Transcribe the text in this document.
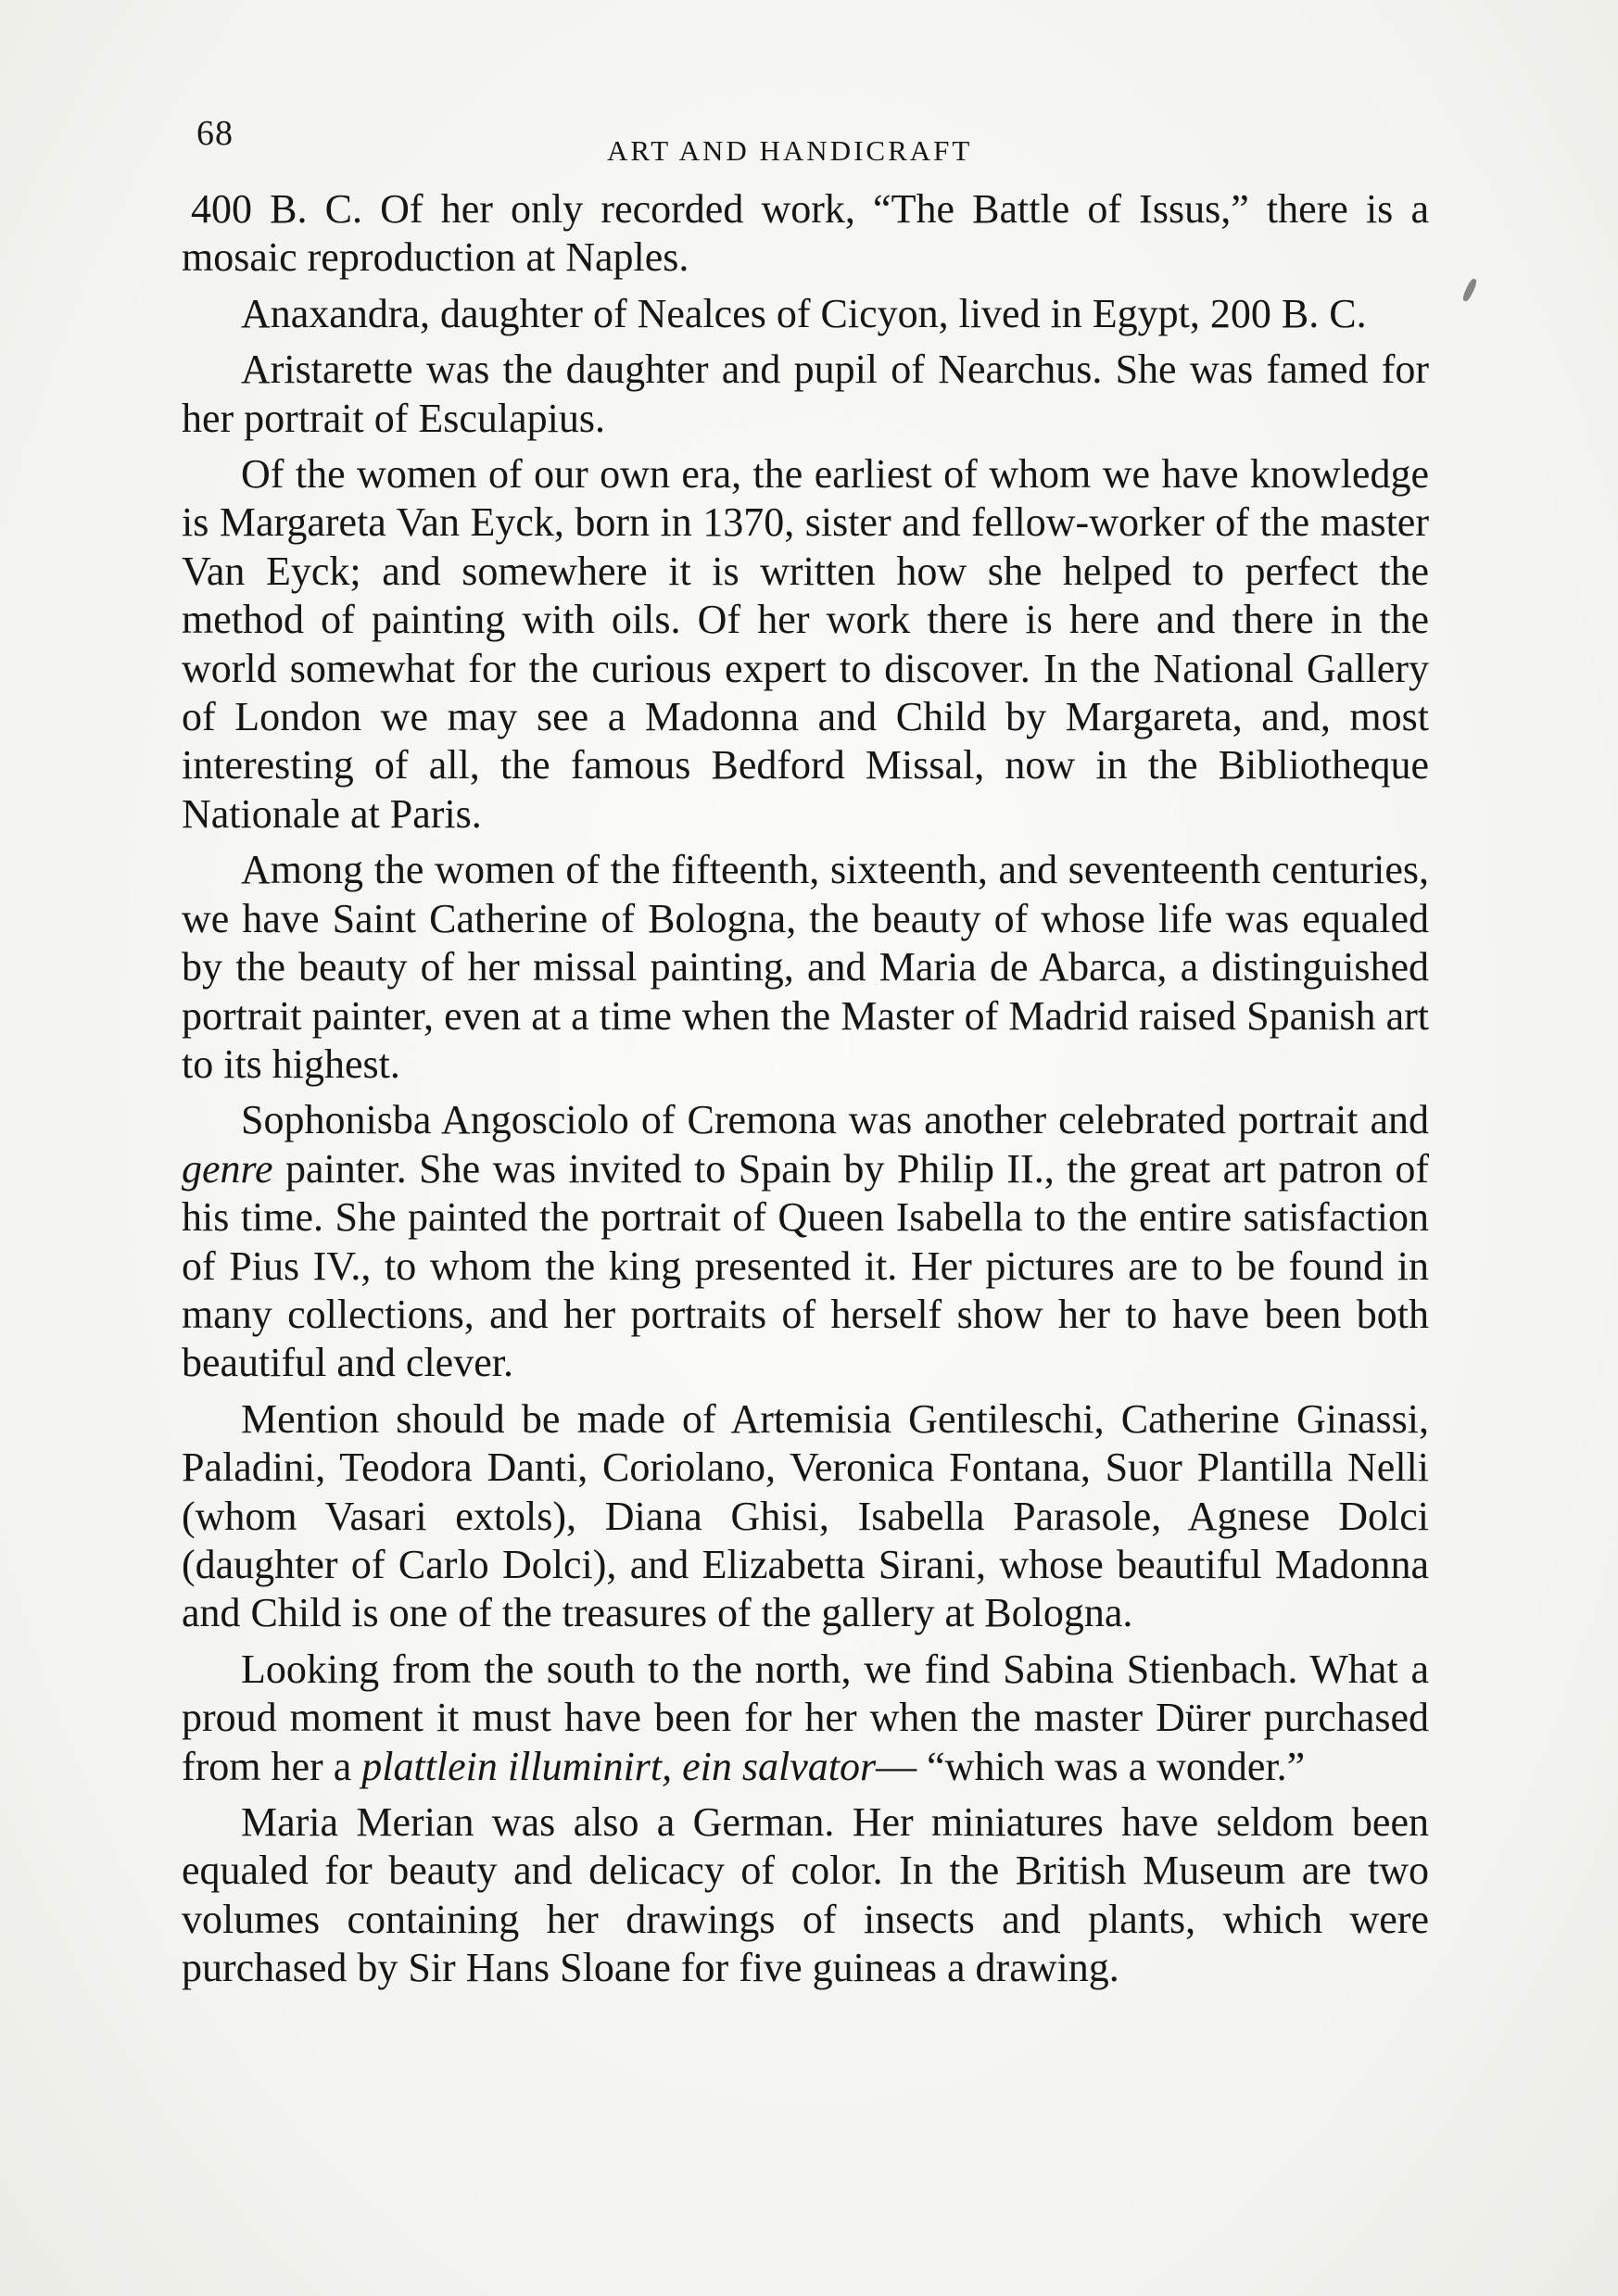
68	ART AND HANDICRAFT

400 B. C. Of her only recorded work, “The Battle of Issus,” there is a mosaic reproduction at Naples.

Anaxandra, daughter of Nealces of Cicyon, lived in Egypt, 200 B. C.

Aristarette was the daughter and pupil of Nearchus. She was famed for her portrait of Esculapius.

Of the women of our own era, the earliest of whom we have knowledge is Margareta Van Eyck, born in 1370, sister and fellow-worker of the master Van Eyck; and somewhere it is written how she helped to perfect the method of painting with oils. Of her work there is here and there in the world somewhat for the curious expert to discover. In the National Gallery of London we may see a Madonna and Child by Margareta, and, most interesting of all, the famous Bedford Missal, now in the Bibliotheque Nationale at Paris.

Among the women of the fifteenth, sixteenth, and seventeenth centuries, we have Saint Catherine of Bologna, the beauty of whose life was equaled by the beauty of her missal painting, and Maria de Abarca, a distinguished portrait painter, even at a time when the Master of Madrid raised Spanish art to its highest.

Sophonisba Angosciolo of Cremona was another celebrated portrait and genre painter. She was invited to Spain by Philip II., the great art patron of his time. She painted the portrait of Queen Isabella to the entire satisfaction of Pius IV., to whom the king presented it. Her pictures are to be found in many collections, and her portraits of herself show her to have been both beautiful and clever.

Mention should be made of Artemisia Gentileschi, Catherine Ginassi, Paladini, Teodora Danti, Coriolano, Veronica Fontana, Suor Plantilla Nelli (whom Vasari extols), Diana Ghisi, Isabella Parasole, Agnese Dolci (daughter of Carlo Dolci), and Elizabetta Sirani, whose beautiful Madonna and Child is one of the treasures of the gallery at Bologna.

Looking from the south to the north, we find Sabina Stienbach. What a proud moment it must have been for her when the master Dürer purchased from her a plattlein illuminirt, ein salvator— “which was a wonder.”

Maria Merian was also a German. Her miniatures have seldom been equaled for beauty and delicacy of color. In the British Museum are two volumes containing her drawings of insects and plants, which were purchased by Sir Hans Sloane for five guineas a drawing.
